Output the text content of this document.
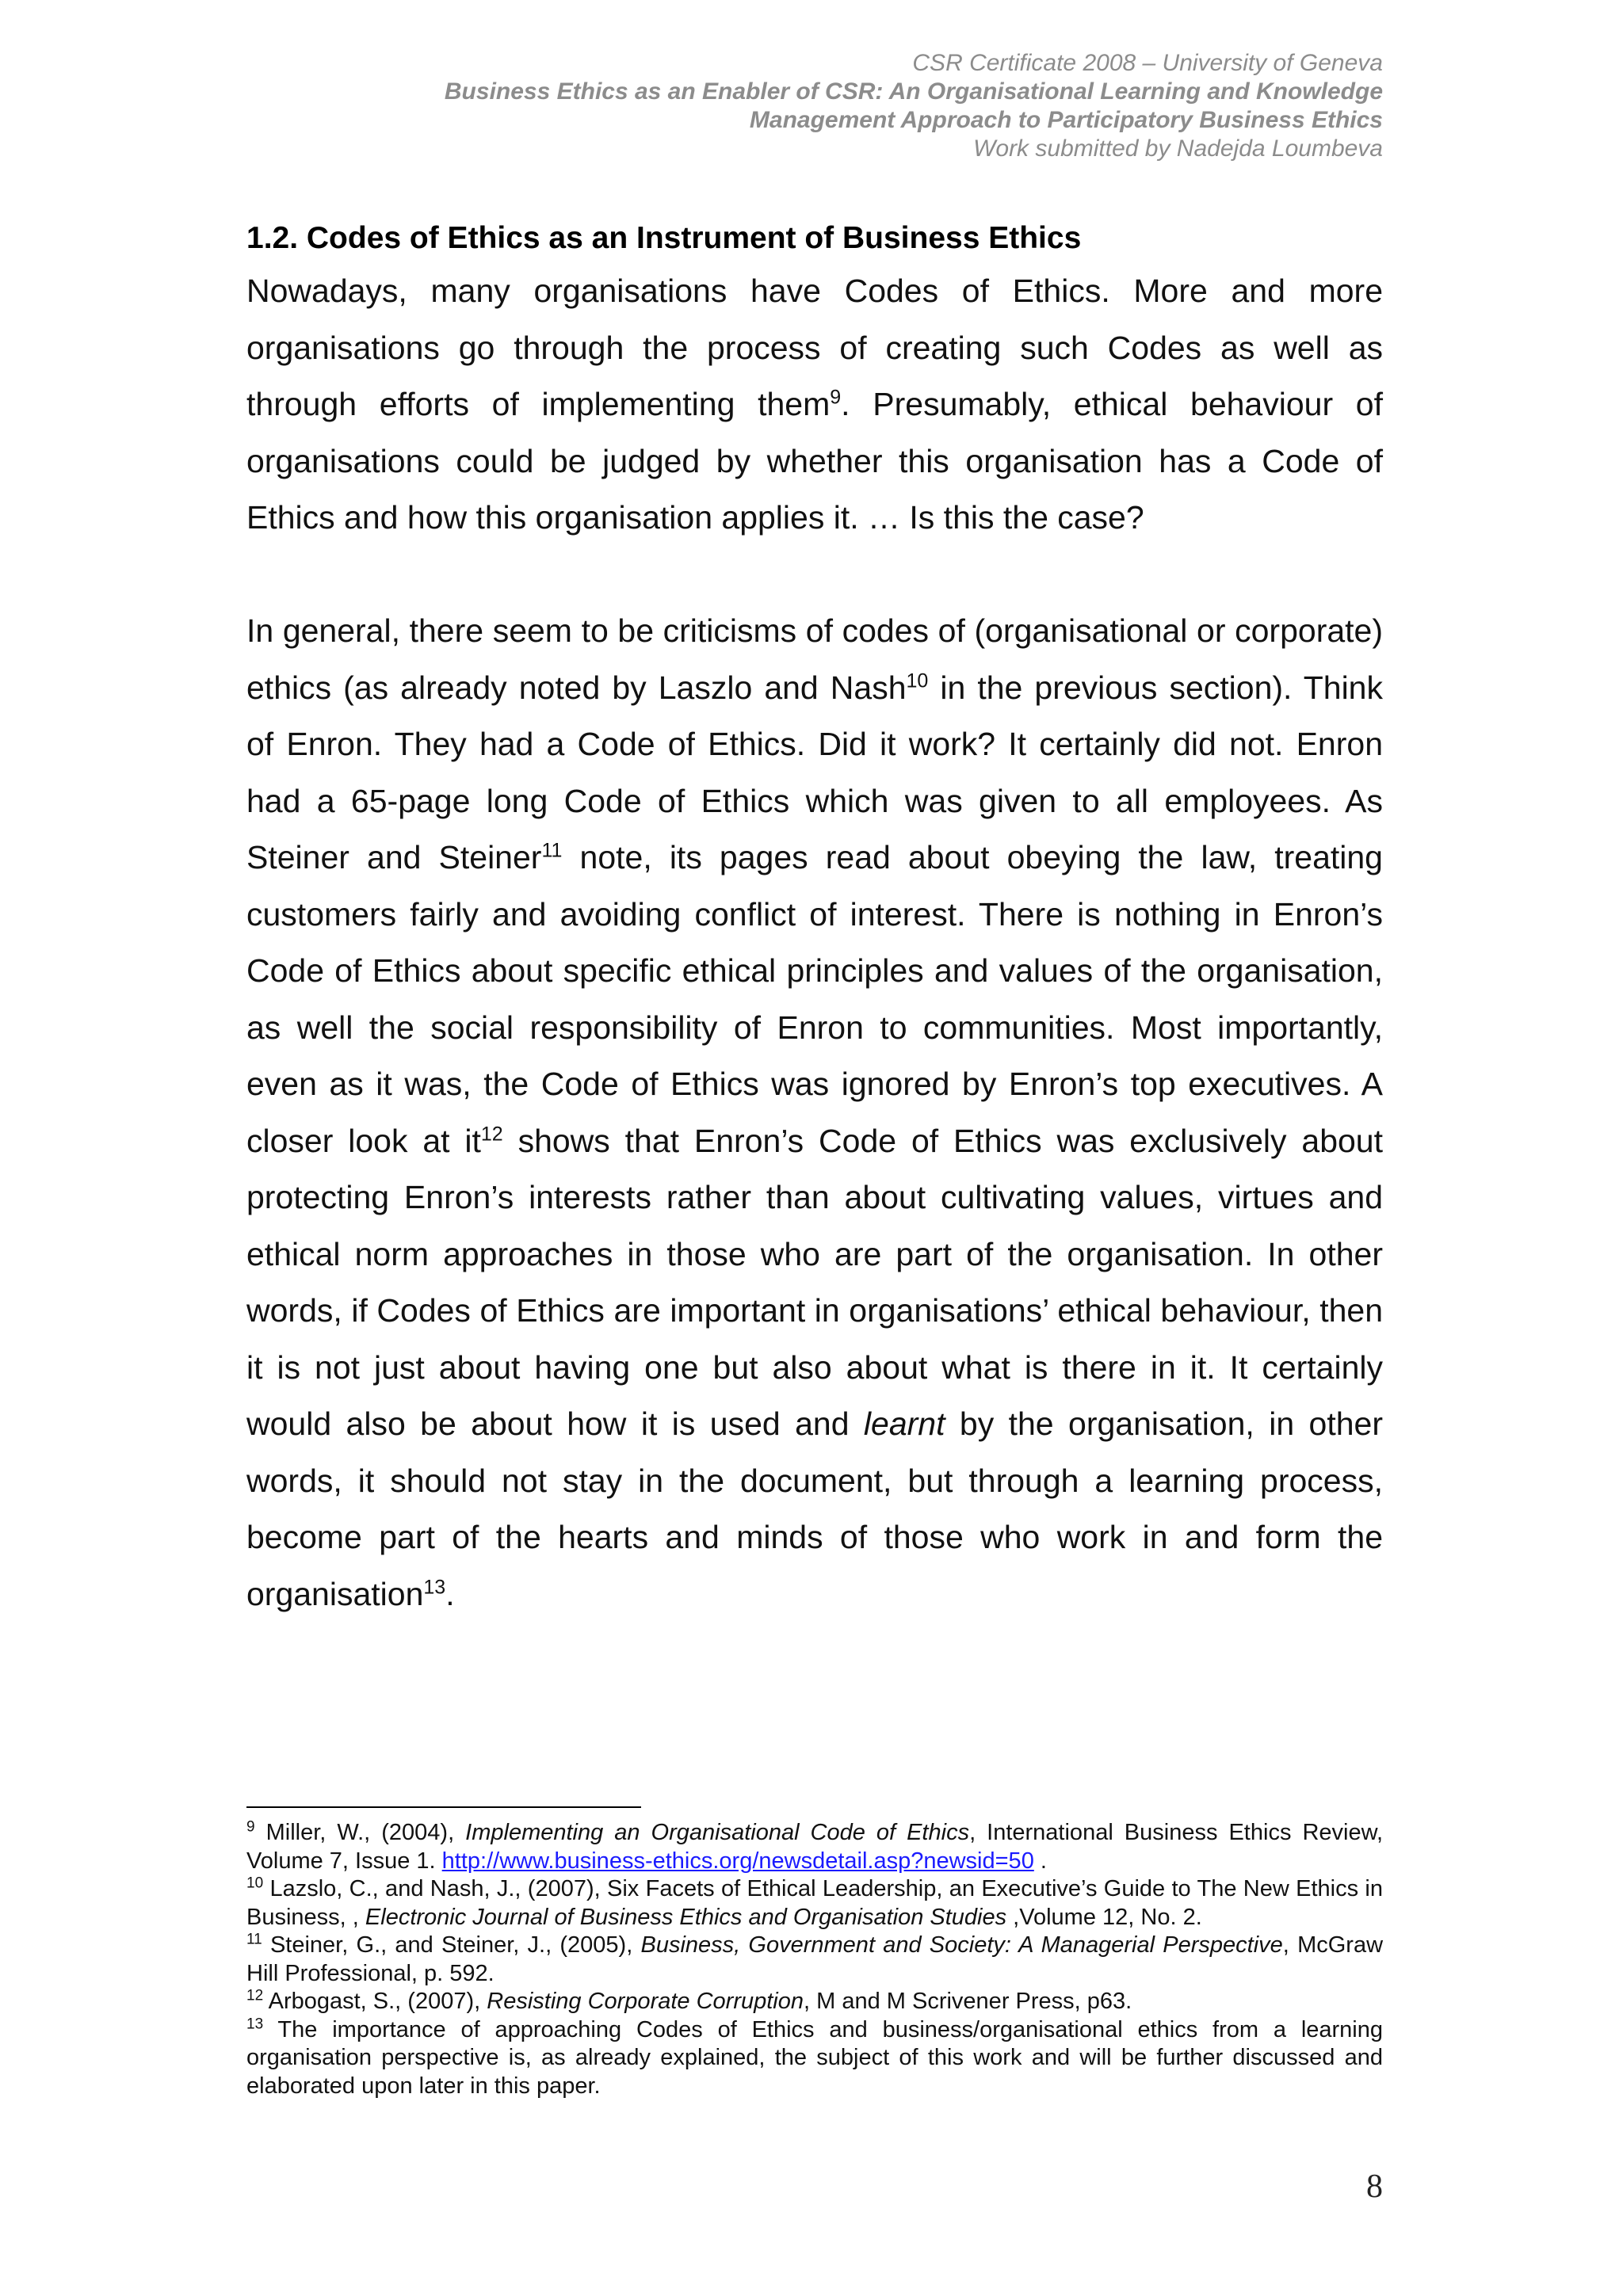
CSR Certificate 2008 – University of Geneva
Business Ethics as an Enabler of CSR: An Organisational Learning and Knowledge
Management Approach to Participatory Business Ethics
Work submitted by Nadejda Loumbeva
1.2. Codes of Ethics as an Instrument of Business Ethics

Nowadays, many organisations have Codes of Ethics. More and more organisations go through the process of creating such Codes as well as through efforts of implementing them$^9$. Presumably, ethical behaviour of organisations could be judged by whether this organisation has a Code of Ethics and how this organisation applies it. … Is this the case?

In general, there seem to be criticisms of codes of (organisational or corporate) ethics (as already noted by Laszlo and Nash$^{10}$ in the previous section). Think of Enron. They had a Code of Ethics. Did it work? It certainly did not. Enron had a 65-page long Code of Ethics which was given to all employees. As Steiner and Steiner$^{11}$ note, its pages read about obeying the law, treating customers fairly and avoiding conflict of interest. There is nothing in Enron’s Code of Ethics about specific ethical principles and values of the organisation, as well the social responsibility of Enron to communities. Most importantly, even as it was, the Code of Ethics was ignored by Enron’s top executives. A closer look at $it^{12}$ shows that Enron’s Code of Ethics was exclusively about protecting Enron’s interests rather than about cultivating values, virtues and ethical norm approaches in those who are part of the organisation. In other words, if Codes of Ethics are important in organisations’ ethical behaviour, then it is not just about having one but also about what is there in it. It certainly would also be about how it is used and learnt by the organisation, in other words, it should not stay in the document, but through a learning process, become part of the hearts and minds of those who work in and form the organisation$^{13}$.

$^9$ Miller, W., (2004), Implementing an Organisational Code of Ethics, International Business Ethics Review, Volume 7, Issue 1. http://www.business-ethics.org/newsdetail.asp?newsid=50 .

$^{10}$ Lazslo, C., and Nash, J., (2007), Six Facets of Ethical Leadership, an Executive’s Guide to The New Ethics in Business, , Electronic Journal of Business Ethics and Organisation Studies ,Volume 12, No. 2.

$^{11}$ Steiner, G., and Steiner, J., (2005), Business, Government and Society: A Managerial Perspective, McGraw Hill Professional, p. 592.

$^{12}$ Arbogast, S., (2007), Resisting Corporate Corruption, M and M Scrivener Press, p63.

$^{13}$ The importance of approaching Codes of Ethics and business/organisational ethics from a learning organisation perspective is, as already explained, the subject of this work and will be further discussed and elaborated upon later in this paper.

8
